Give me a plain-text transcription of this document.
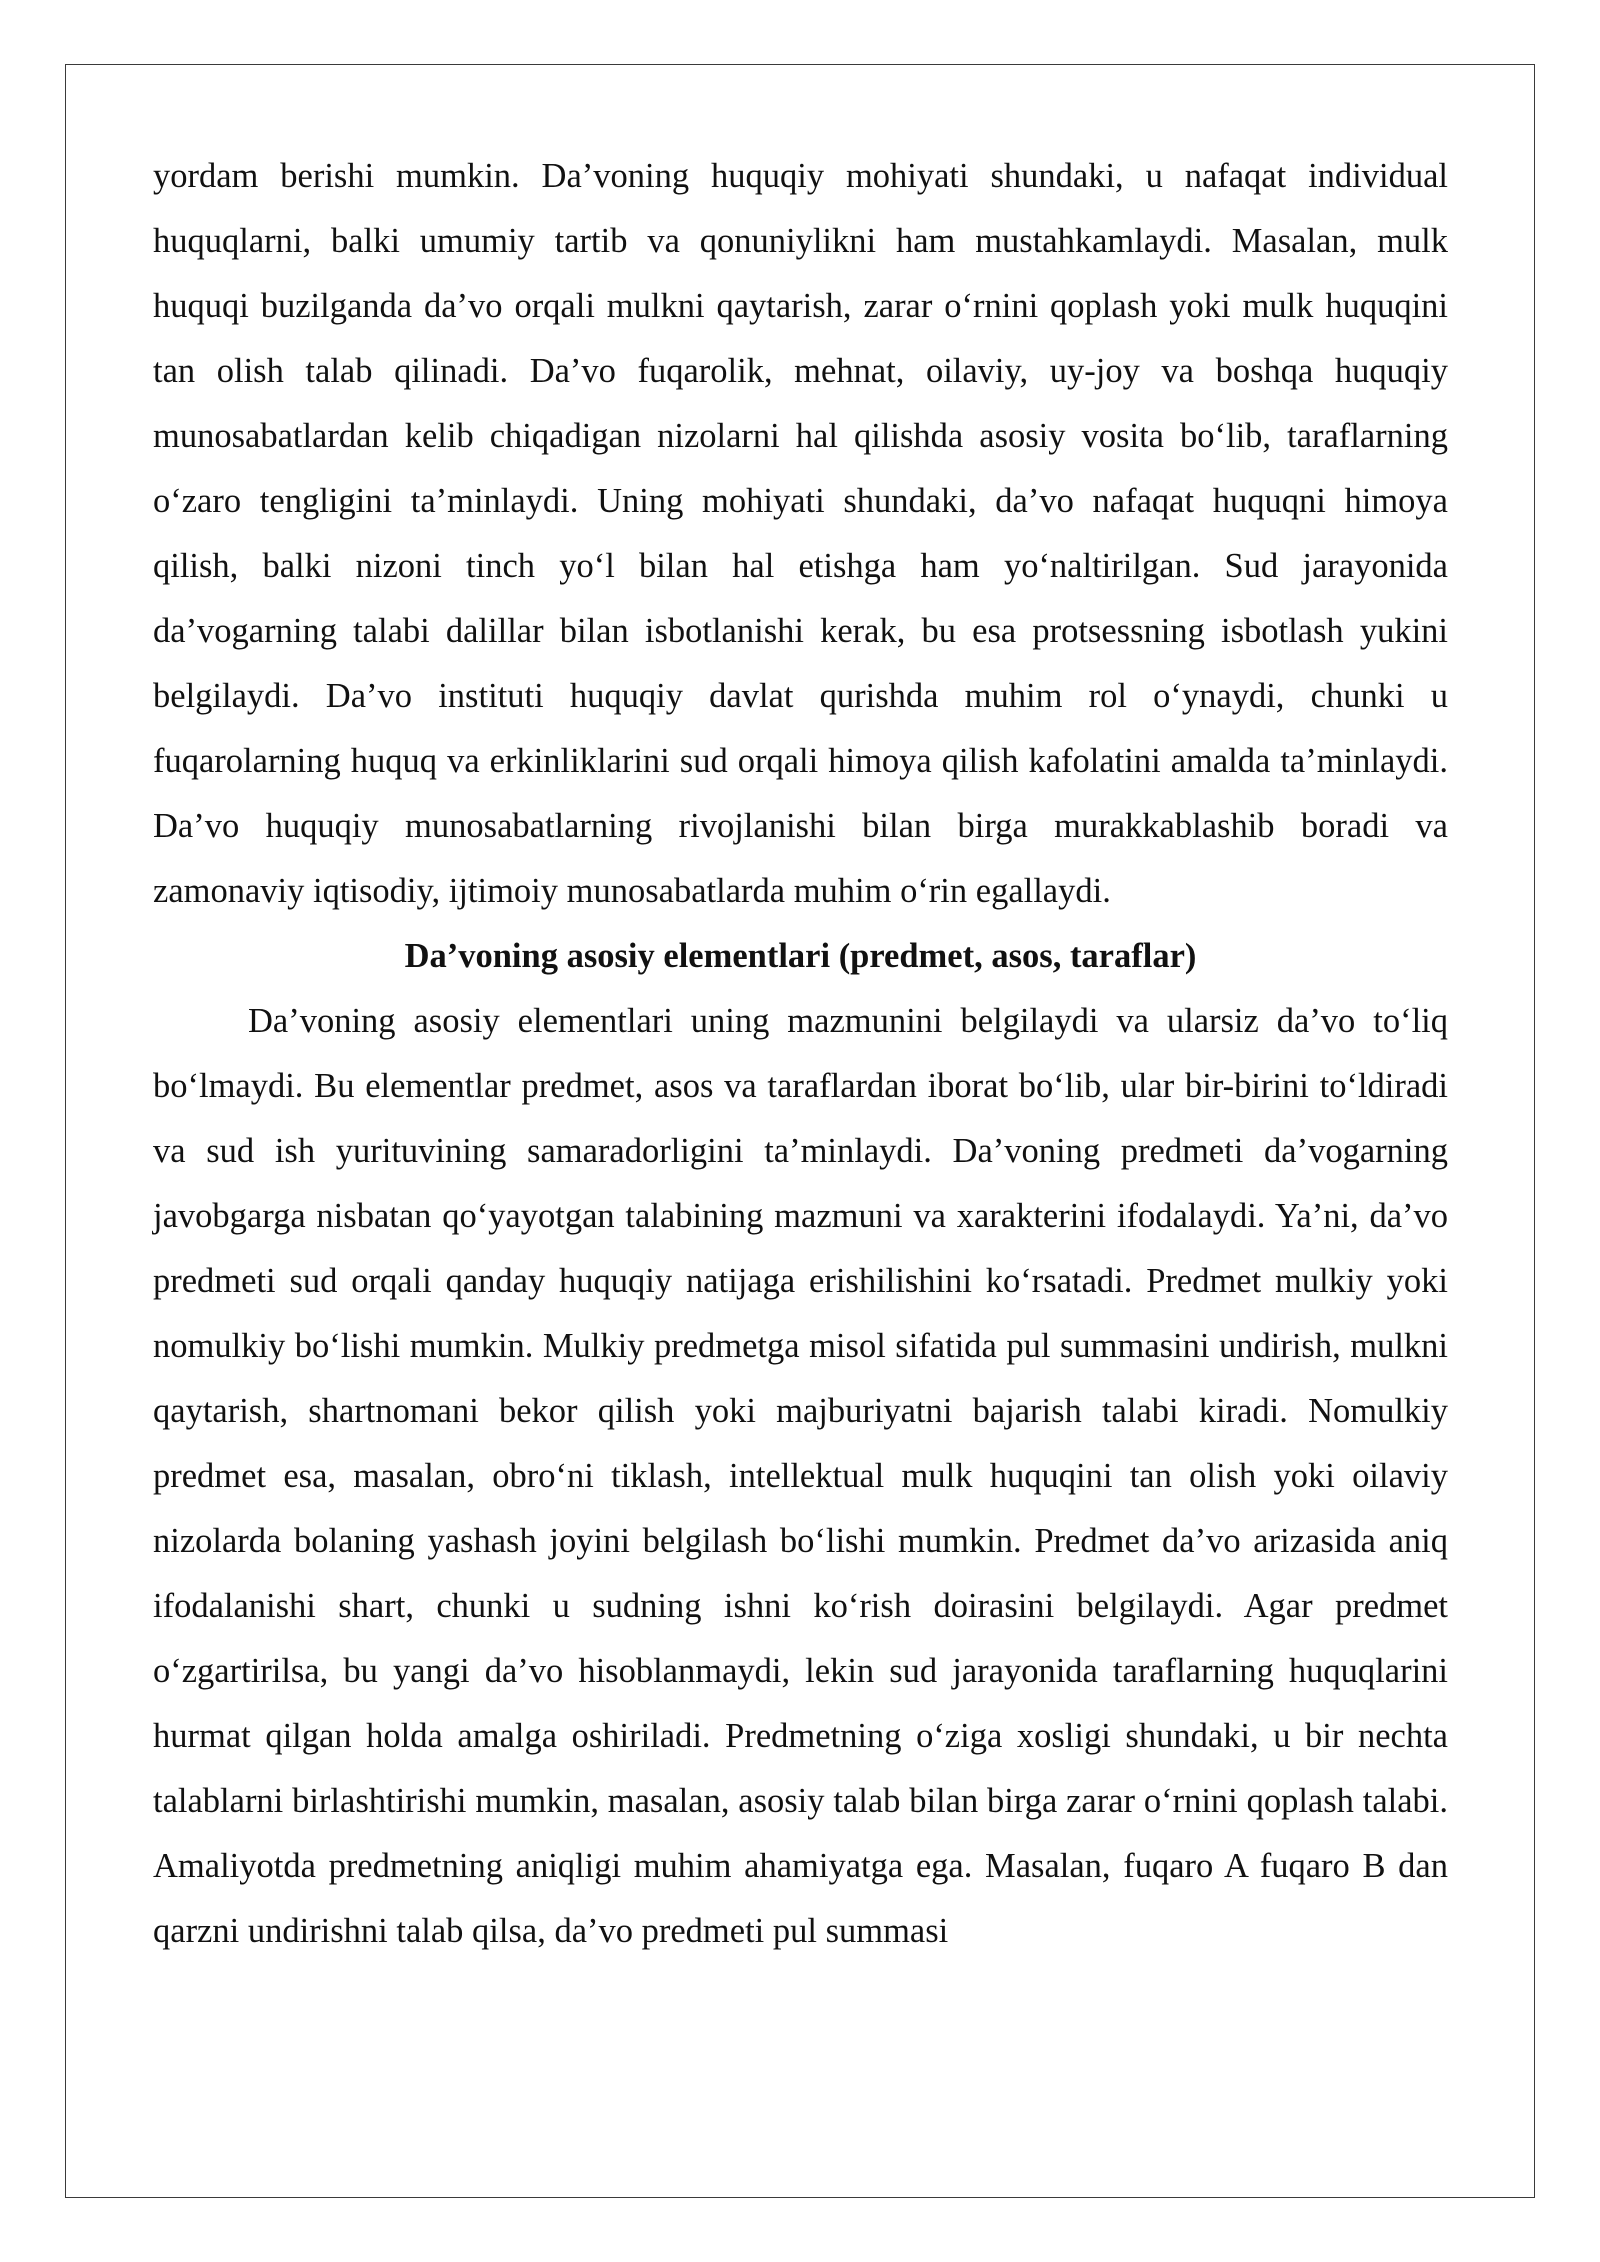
yordam berishi mumkin. Da’voning huquqiy mohiyati shundaki, u nafaqat individual huquqlarni, balki umumiy tartib va qonuniylikni ham mustahkamlaydi. Masalan, mulk huquqi buzilganda da’vo orqali mulkni qaytarish, zarar o‘rnini qoplash yoki mulk huquqini tan olish talab qilinadi. Da’vo fuqarolik, mehnat, oilaviy, uy-joy va boshqa huquqiy munosabatlardan kelib chiqadigan nizolarni hal qilishda asosiy vosita bo‘lib, taraflarning o‘zaro tengligini ta’minlaydi. Uning mohiyati shundaki, da’vo nafaqat huquqni himoya qilish, balki nizoni tinch yo‘l bilan hal etishga ham yo‘naltirilgan. Sud jarayonida da’vogarning talabi dalillar bilan isbotlanishi kerak, bu esa protsessning isbotlash yukini belgilaydi. Da’vo instituti huquqiy davlat qurishda muhim rol o‘ynaydi, chunki u fuqarolarning huquq va erkinliklarini sud orqali himoya qilish kafolatini amalda ta’minlaydi. Da’vo huquqiy munosabatlarning rivojlanishi bilan birga murakkablashib boradi va zamonaviy iqtisodiy, ijtimoiy munosabatlarda muhim o‘rin egallaydi.

Da’voning asosiy elementlari (predmet, asos, taraflar)

Da’voning asosiy elementlari uning mazmunini belgilaydi va ularsiz da’vo to‘liq bo‘lmaydi. Bu elementlar predmet, asos va taraflardan iborat bo‘lib, ular bir-birini to‘ldiradi va sud ish yurituvining samaradorligini ta’minlaydi. Da’voning predmeti da’vogarning javobgarga nisbatan qo‘yayotgan talabining mazmuni va xarakterini ifodalaydi. Ya’ni, da’vo predmeti sud orqali qanday huquqiy natijaga erishilishini ko‘rsatadi. Predmet mulkiy yoki nomulkiy bo‘lishi mumkin. Mulkiy predmetga misol sifatida pul summasini undirish, mulkni qaytarish, shartnomani bekor qilish yoki majburiyatni bajarish talabi kiradi. Nomulkiy predmet esa, masalan, obro‘ni tiklash, intellektual mulk huquqini tan olish yoki oilaviy nizolarda bolaning yashash joyini belgilash bo‘lishi mumkin. Predmet da’vo arizasida aniq ifodalanishi shart, chunki u sudning ishni ko‘rish doirasini belgilaydi. Agar predmet o‘zgartirilsa, bu yangi da’vo hisoblanmaydi, lekin sud jarayonida taraflarning huquqlarini hurmat qilgan holda amalga oshiriladi. Predmetning o‘ziga xosligi shundaki, u bir nechta talablarni birlashtirishi mumkin, masalan, asosiy talab bilan birga zarar o‘rnini qoplash talabi. Amaliyotda predmetning aniqligi muhim ahamiyatga ega. Masalan, fuqaro A fuqaro B dan qarzni undirishni talab qilsa, da’vo predmeti pul summasi
